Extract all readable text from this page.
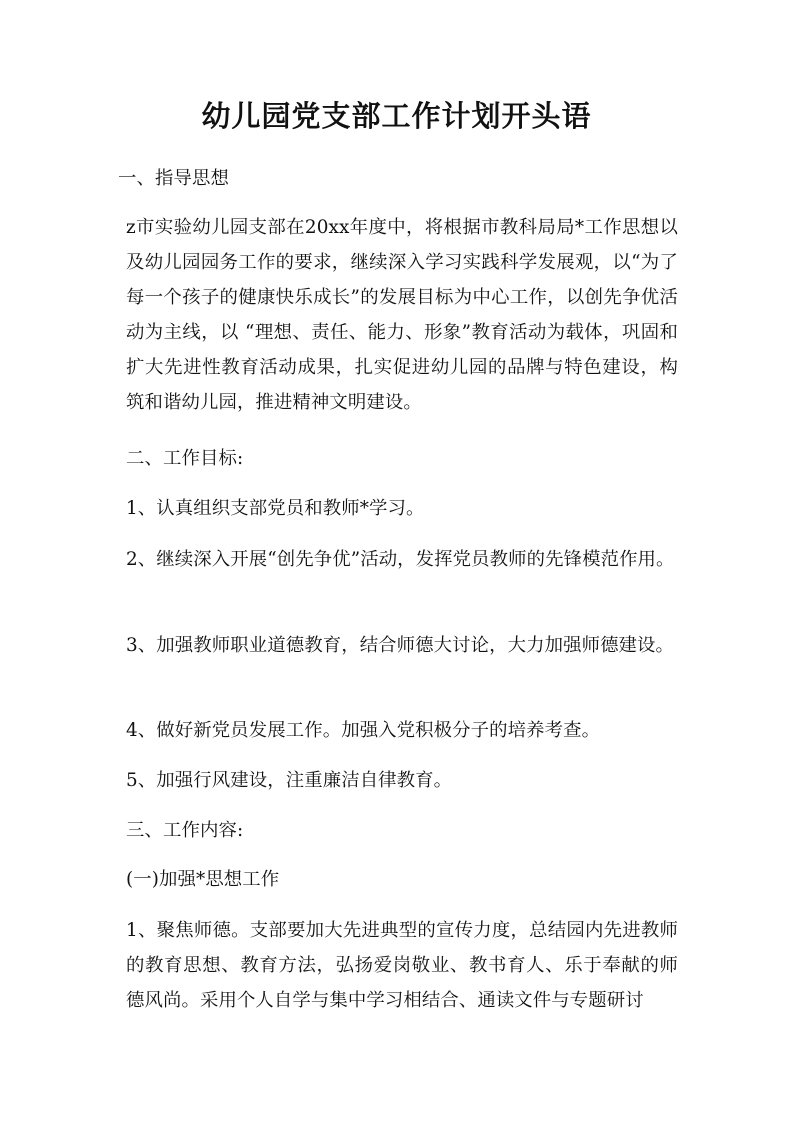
幼儿园党支部工作计划开头语

一、指导思想

z市实验幼儿园支部在20xx年度中，将根据市教科局局*工作思想以及幼儿园园务工作的要求，继续深入学习实践科学发展观，以“为了每一个孩子的健康快乐成长”的发展目标为中心工作，以创先争优活动为主线，以 “理想、责任、能力、形象”教育活动为载体，巩固和扩大先进性教育活动成果，扎实促进幼儿园的品牌与特色建设，构筑和谐幼儿园，推进精神文明建设。

二、工作目标:

1、认真组织支部党员和教师*学习。

2、继续深入开展“创先争优”活动，发挥党员教师的先锋模范作用。

3、加强教师职业道德教育，结合师德大讨论，大力加强师德建设。

4、做好新党员发展工作。加强入党积极分子的培养考查。

5、加强行风建设，注重廉洁自律教育。

三、工作内容:

(一)加强*思想工作

1、聚焦师德。支部要加大先进典型的宣传力度，总结园内先进教师的教育思想、教育方法，弘扬爱岗敬业、教书育人、乐于奉献的师德风尚。采用个人自学与集中学习相结合、通读文件与专题研讨
